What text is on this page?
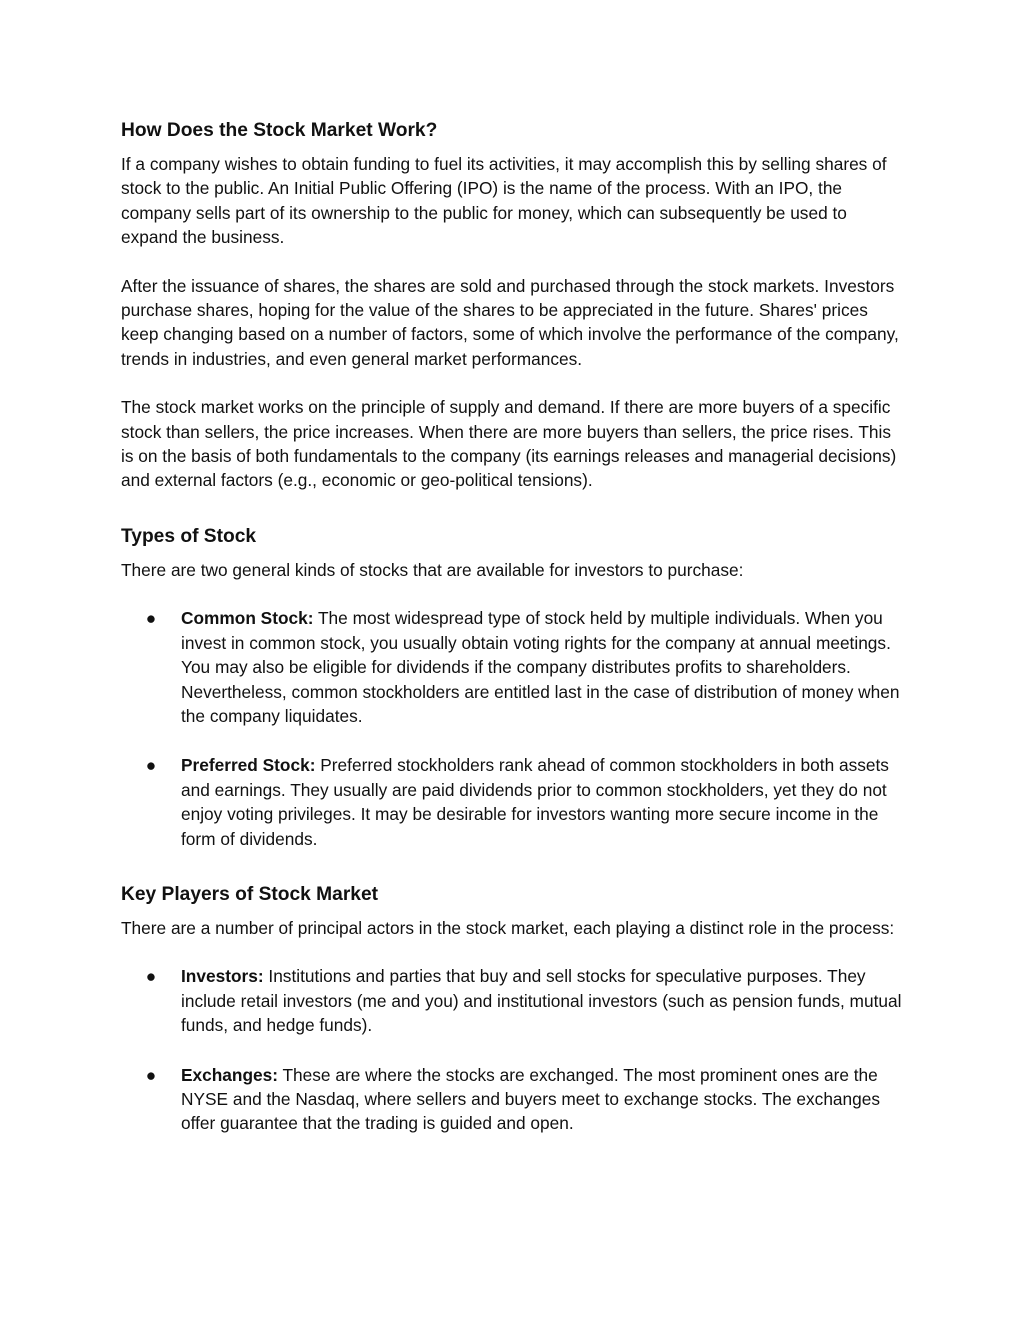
How Does the Stock Market Work?

If a company wishes to obtain funding to fuel its activities, it may accomplish this by selling shares of stock to the public. An Initial Public Offering (IPO) is the name of the process. With an IPO, the company sells part of its ownership to the public for money, which can subsequently be used to expand the business.

After the issuance of shares, the shares are sold and purchased through the stock markets. Investors purchase shares, hoping for the value of the shares to be appreciated in the future. Shares' prices keep changing based on a number of factors, some of which involve the performance of the company, trends in industries, and even general market performances.

The stock market works on the principle of supply and demand. If there are more buyers of a specific stock than sellers, the price increases. When there are more buyers than sellers, the price rises. This is on the basis of both fundamentals to the company (its earnings releases and managerial decisions) and external factors (e.g., economic or geo-political tensions).

Types of Stock

There are two general kinds of stocks that are available for investors to purchase:

● Common Stock: The most widespread type of stock held by multiple individuals. When you invest in common stock, you usually obtain voting rights for the company at annual meetings. You may also be eligible for dividends if the company distributes profits to shareholders. Nevertheless, common stockholders are entitled last in the case of distribution of money when the company liquidates.
● Preferred Stock: Preferred stockholders rank ahead of common stockholders in both assets and earnings. They usually are paid dividends prior to common stockholders, yet they do not enjoy voting privileges. It may be desirable for investors wanting more secure income in the form of dividends.
Key Players of Stock Market

There are a number of principal actors in the stock market, each playing a distinct role in the process:

● Investors: Institutions and parties that buy and sell stocks for speculative purposes. They include retail investors (me and you) and institutional investors (such as pension funds, mutual funds, and hedge funds).
● Exchanges: These are where the stocks are exchanged. The most prominent ones are the NYSE and the Nasdaq, where sellers and buyers meet to exchange stocks. The exchanges offer guarantee that the trading is guided and open.
